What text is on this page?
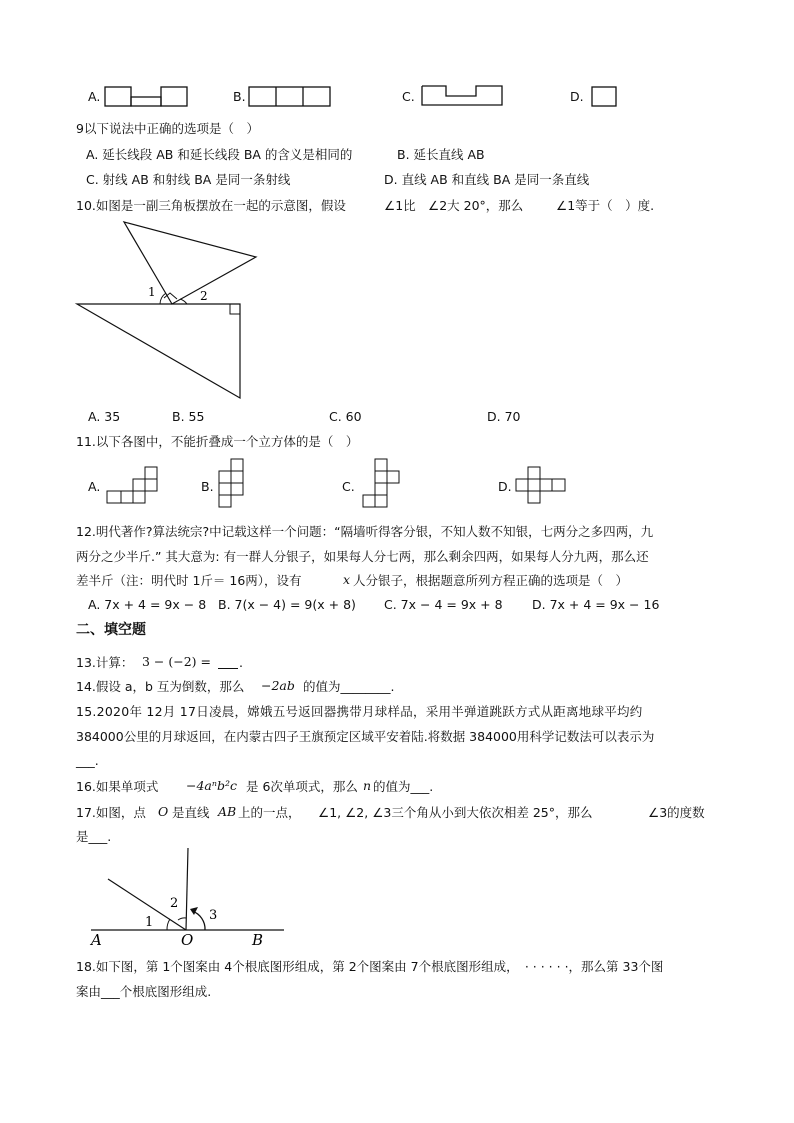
A.	B.	C.	D.
9以下说法中正确的选项是（　）
A. 延长线段 AB 和延长线段 BA 的含义是相同的	B. 延长直线 AB
C. 射线 AB 和射线 BA 是同一条射线	D. 直线 AB 和直线 BA 是同一条直线
10.如图是一副三角板摆放在一起的示意图，假设	∠1比 ∠2大 20°，那么	∠1等于（　）度.
1	2
A. 35	B. 55	C. 60	D. 70
11.以下各图中，不能折叠成一个立方体的是（　）
A.	B.	C.	D.
12.明代著作?算法统宗?中记载这样一个问题：“隔墙听得客分银，不知人数不知银，七两分之多四两，九
两分之少半斤.” 其大意为: 有一群人分银子，如果每人分七两，那么剩余四两，如果每人分九两，那么还
差半斤（注：明代时 1斤＝ 16两），设有	x 人分银子，根据题意所列方程正确的选项是（　）
A. 7x + 4 = 9x − 8 B. 7(x − 4) = 9(x + 8) C. 7x − 4 = 9x + 8 D. 7x + 4 = 9x − 16
二、填空题
13.计算： 3 − (−2) = .
14.假设 a，b 互为倒数，那么 −2ab 的值为________.
15.2020年 12月 17日凌晨，嫦娥五号返回器携带月球样品，采用半弹道跳跃方式从距离地球平均约
384000公里的月球返回，在内蒙古四子王旗预定区域平安着陆.将数据 384000用科学记数法可以表示为
___.
16.如果单项式 −4aⁿb²c 是 6次单项式，那么 n 的值为___.
17.如图，点 O 是直线 AB 上的一点， ∠1, ∠2, ∠3三个角从小到大依次相差 25°，那么	∠3的度数
是___.
1
2
3
A	O	B
18.如下图，第 1个图案由 4个根底图形组成，第 2个图案由 7个根底图形组成，　· · · · · ·，那么第 33个图
案由___个根底图形组成.
